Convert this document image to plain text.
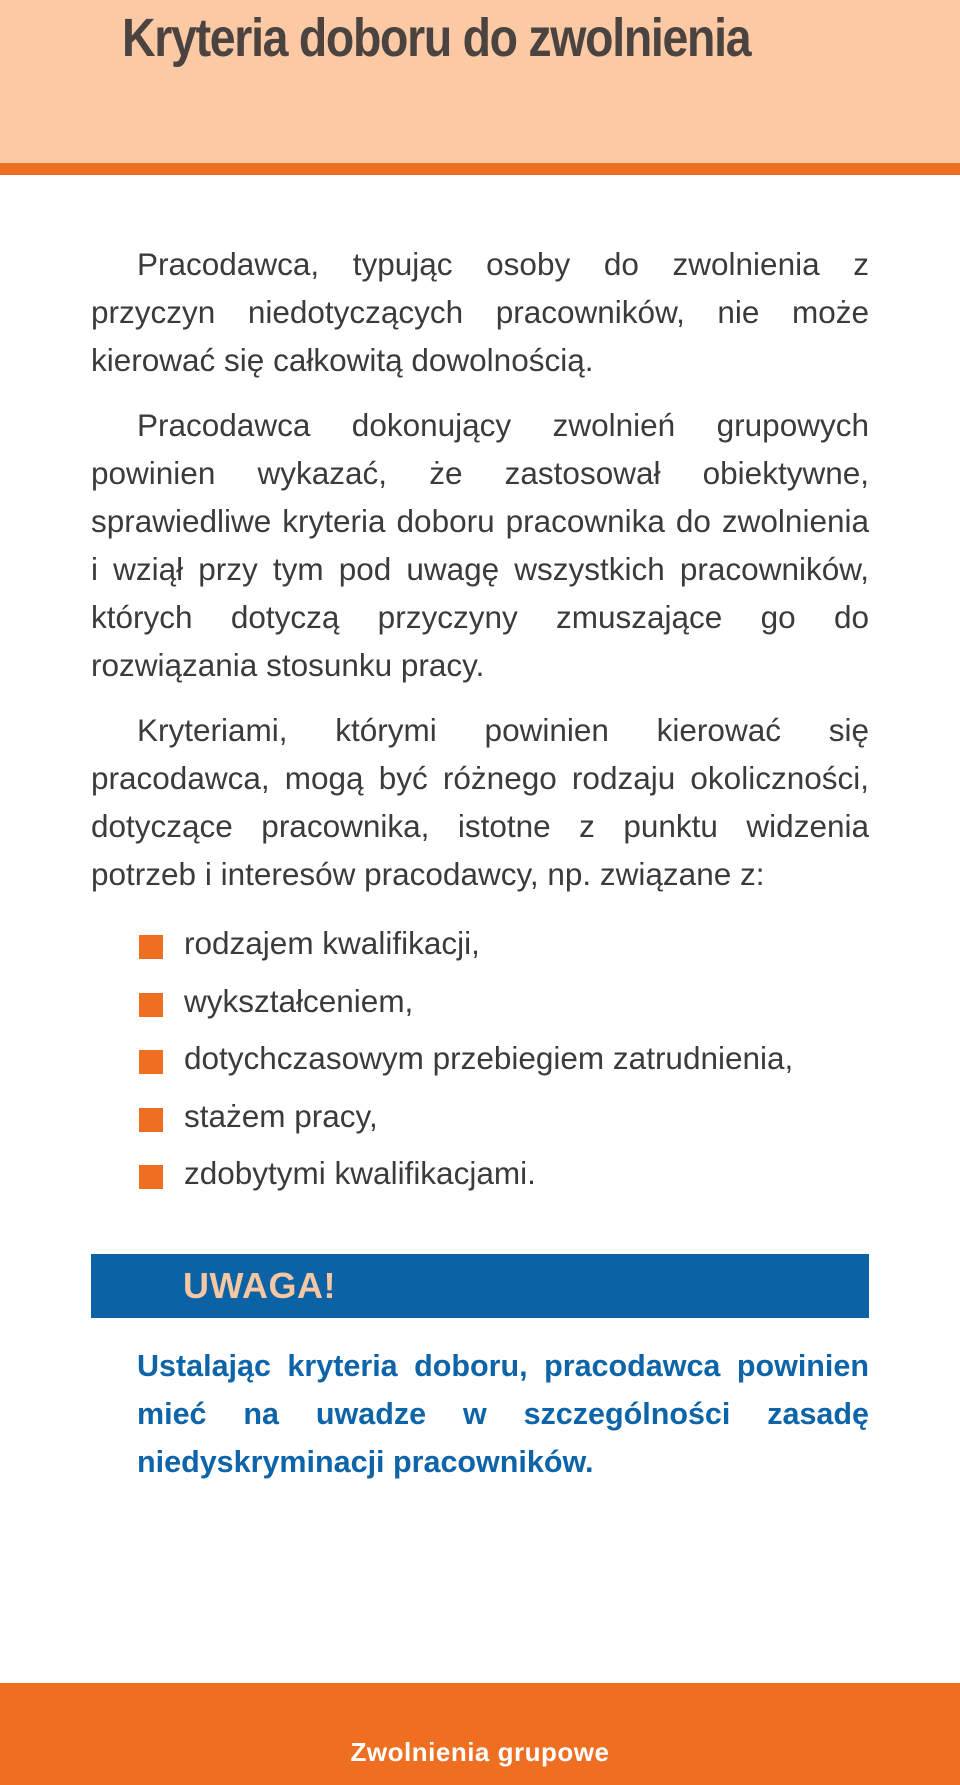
Kryteria doboru do zwolnienia

Pracodawca, typując osoby do zwolnienia z przyczyn niedotyczących pracowników, nie może kierować się całkowitą dowolnością.

Pracodawca dokonujący zwolnień grupowych powinien wykazać, że zastosował obiektywne, sprawiedliwe kryteria doboru pracownika do zwolnienia i wziął przy tym pod uwagę wszystkich pracowników, których dotyczą przyczyny zmuszające go do rozwiązania stosunku pracy.

Kryteriami, którymi powinien kierować się pracodawca, mogą być różnego rodzaju okoliczności, dotyczące pracownika, istotne z punktu widzenia potrzeb i interesów pracodawcy, np. związane z:

rodzajem kwalifikacji,
wykształceniem,
dotychczasowym przebiegiem zatrudnienia,
stażem pracy,
zdobytymi kwalifikacjami.
UWAGA!

Ustalając kryteria doboru, pracodawca powinien mieć na uwadze w szczególności zasadę niedyskryminacji pracowników.

Zwolnienia grupowe
